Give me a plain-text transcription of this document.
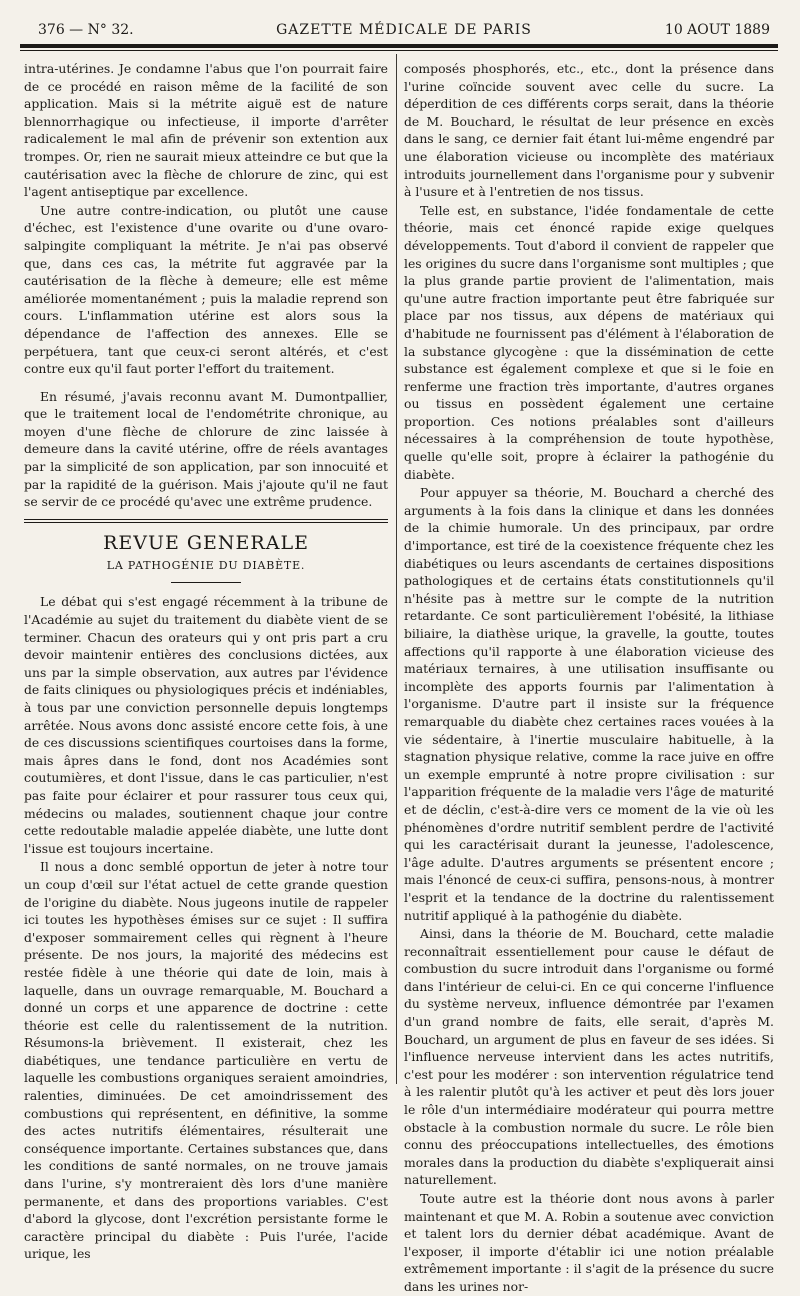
376 — N° 32.	GAZETTE MÉDICALE DE PARIS	10 AOUT 1889

intra-utérines. Je condamne l'abus que l'on pourrait faire de ce procédé en raison même de la facilité de son application. Mais si la métrite aiguë est de nature blennorrhagique ou infectieuse, il importe d'arrêter radicalement le mal afin de prévenir son extention aux trompes. Or, rien ne saurait mieux atteindre ce but que la cautérisation avec la flèche de chlorure de zinc, qui est l'agent antiseptique par excellence.

Une autre contre-indication, ou plutôt une cause d'échec, est l'existence d'une ovarite ou d'une ovaro-salpingite compliquant la métrite. Je n'ai pas observé que, dans ces cas, la métrite fut aggravée par la cautérisation de la flèche à demeure; elle est même améliorée momentanément ; puis la maladie reprend son cours. L'inflammation utérine est alors sous la dépendance de l'affection des annexes. Elle se perpétuera, tant que ceux-ci seront altérés, et c'est contre eux qu'il faut porter l'effort du traitement.

En résumé, j'avais reconnu avant M. Dumontpallier, que le traitement local de l'endométrite chronique, au moyen d'une flèche de chlorure de zinc laissée à demeure dans la cavité utérine, offre de réels avantages par la simplicité de son application, par son innocuité et par la rapidité de la guérison. Mais j'ajoute qu'il ne faut se servir de ce procédé qu'avec une extrême prudence.

REVUE GENERALE
LA PATHOGÉNIE DU DIABÈTE.

Le débat qui s'est engagé récemment à la tribune de l'Académie au sujet du traitement du diabète vient de se terminer. Chacun des orateurs qui y ont pris part a cru devoir maintenir entières des conclusions dictées, aux uns par la simple observation, aux autres par l'évidence de faits cliniques ou physiologiques précis et indéniables, à tous par une conviction personnelle depuis longtemps arrêtée. Nous avons donc assisté encore cette fois, à une de ces discussions scientifiques courtoises dans la forme, mais âpres dans le fond, dont nos Académies sont coutumières, et dont l'issue, dans le cas particulier, n'est pas faite pour éclairer et pour rassurer tous ceux qui, médecins ou malades, soutiennent chaque jour contre cette redoutable maladie appelée diabète, une lutte dont l'issue est toujours incertaine.

Il nous a donc semblé opportun de jeter à notre tour un coup d'œil sur l'état actuel de cette grande question de l'origine du diabète. Nous jugeons inutile de rappeler ici toutes les hypothèses émises sur ce sujet : Il suffira d'exposer sommairement celles qui règnent à l'heure présente. De nos jours, la majorité des médecins est restée fidèle à une théorie qui date de loin, mais à laquelle, dans un ouvrage remarquable, M. Bouchard a donné un corps et une apparence de doctrine : cette théorie est celle du ralentissement de la nutrition. Résumons-la brièvement. Il existerait, chez les diabétiques, une tendance particulière en vertu de laquelle les combustions organiques seraient amoindries, ralenties, diminuées. De cet amoindrissement des combustions qui représentent, en définitive, la somme des actes nutritifs élémentaires, résulterait une conséquence importante. Certaines substances que, dans les conditions de santé normales, on ne trouve jamais dans l'urine, s'y montreraient dès lors d'une manière permanente, et dans des proportions variables. C'est d'abord la glycose, dont l'excrétion persistante forme le caractère principal du diabète : Puis l'urée, l'acide urique, les

composés phosphorés, etc., etc., dont la présence dans l'urine coïncide souvent avec celle du sucre. La déperdition de ces différents corps serait, dans la théorie de M. Bouchard, le résultat de leur présence en excès dans le sang, ce dernier fait étant lui-même engendré par une élaboration vicieuse ou incomplète des matériaux introduits journellement dans l'organisme pour y subvenir à l'usure et à l'entretien de nos tissus.

Telle est, en substance, l'idée fondamentale de cette théorie, mais cet énoncé rapide exige quelques développements. Tout d'abord il convient de rappeler que les origines du sucre dans l'organisme sont multiples ; que la plus grande partie provient de l'alimentation, mais qu'une autre fraction importante peut être fabriquée sur place par nos tissus, aux dépens de matériaux qui d'habitude ne fournissent pas d'élément à l'élaboration de la substance glycogène : que la dissémination de cette substance est également complexe et que si le foie en renferme une fraction très importante, d'autres organes ou tissus en possèdent également une certaine proportion. Ces notions préalables sont d'ailleurs nécessaires à la compréhension de toute hypothèse, quelle qu'elle soit, propre à éclairer la pathogénie du diabète.

Pour appuyer sa théorie, M. Bouchard a cherché des arguments à la fois dans la clinique et dans les données de la chimie humorale. Un des principaux, par ordre d'importance, est tiré de la coexistence fréquente chez les diabétiques ou leurs ascendants de certaines dispositions pathologiques et de certains états constitutionnels qu'il n'hésite pas à mettre sur le compte de la nutrition retardante. Ce sont particulièrement l'obésité, la lithiase biliaire, la diathèse urique, la gravelle, la goutte, toutes affections qu'il rapporte à une élaboration vicieuse des matériaux ternaires, à une utilisation insuffisante ou incomplète des apports fournis par l'alimentation à l'organisme. D'autre part il insiste sur la fréquence remarquable du diabète chez certaines races vouées à la vie sédentaire, à l'inertie musculaire habituelle, à la stagnation physique relative, comme la race juive en offre un exemple emprunté à notre propre civilisation : sur l'apparition fréquente de la maladie vers l'âge de maturité et de déclin, c'est-à-dire vers ce moment de la vie où les phénomènes d'ordre nutritif semblent perdre de l'activité qui les caractérisait durant la jeunesse, l'adolescence, l'âge adulte. D'autres arguments se présentent encore ; mais l'énoncé de ceux-ci suffira, pensons-nous, à montrer l'esprit et la tendance de la doctrine du ralentissement nutritif appliqué à la pathogénie du diabète.

Ainsi, dans la théorie de M. Bouchard, cette maladie reconnaîtrait essentiellement pour cause le défaut de combustion du sucre introduit dans l'organisme ou formé dans l'intérieur de celui-ci. En ce qui concerne l'influence du système nerveux, influence démontrée par l'examen d'un grand nombre de faits, elle serait, d'après M. Bouchard, un argument de plus en faveur de ses idées. Si l'influence nerveuse intervient dans les actes nutritifs, c'est pour les modérer : son intervention régulatrice tend à les ralentir plutôt qu'à les activer et peut dès lors jouer le rôle d'un intermédiaire modérateur qui pourra mettre obstacle à la combustion normale du sucre. Le rôle bien connu des préoccupations intellectuelles, des émotions morales dans la production du diabète s'expliquerait ainsi naturellement.

Toute autre est la théorie dont nous avons à parler maintenant et que M. A. Robin a soutenue avec conviction et talent lors du dernier débat académique. Avant de l'exposer, il importe d'établir ici une notion préalable extrêmement importante : il s'agit de la présence du sucre dans les urines nor-
